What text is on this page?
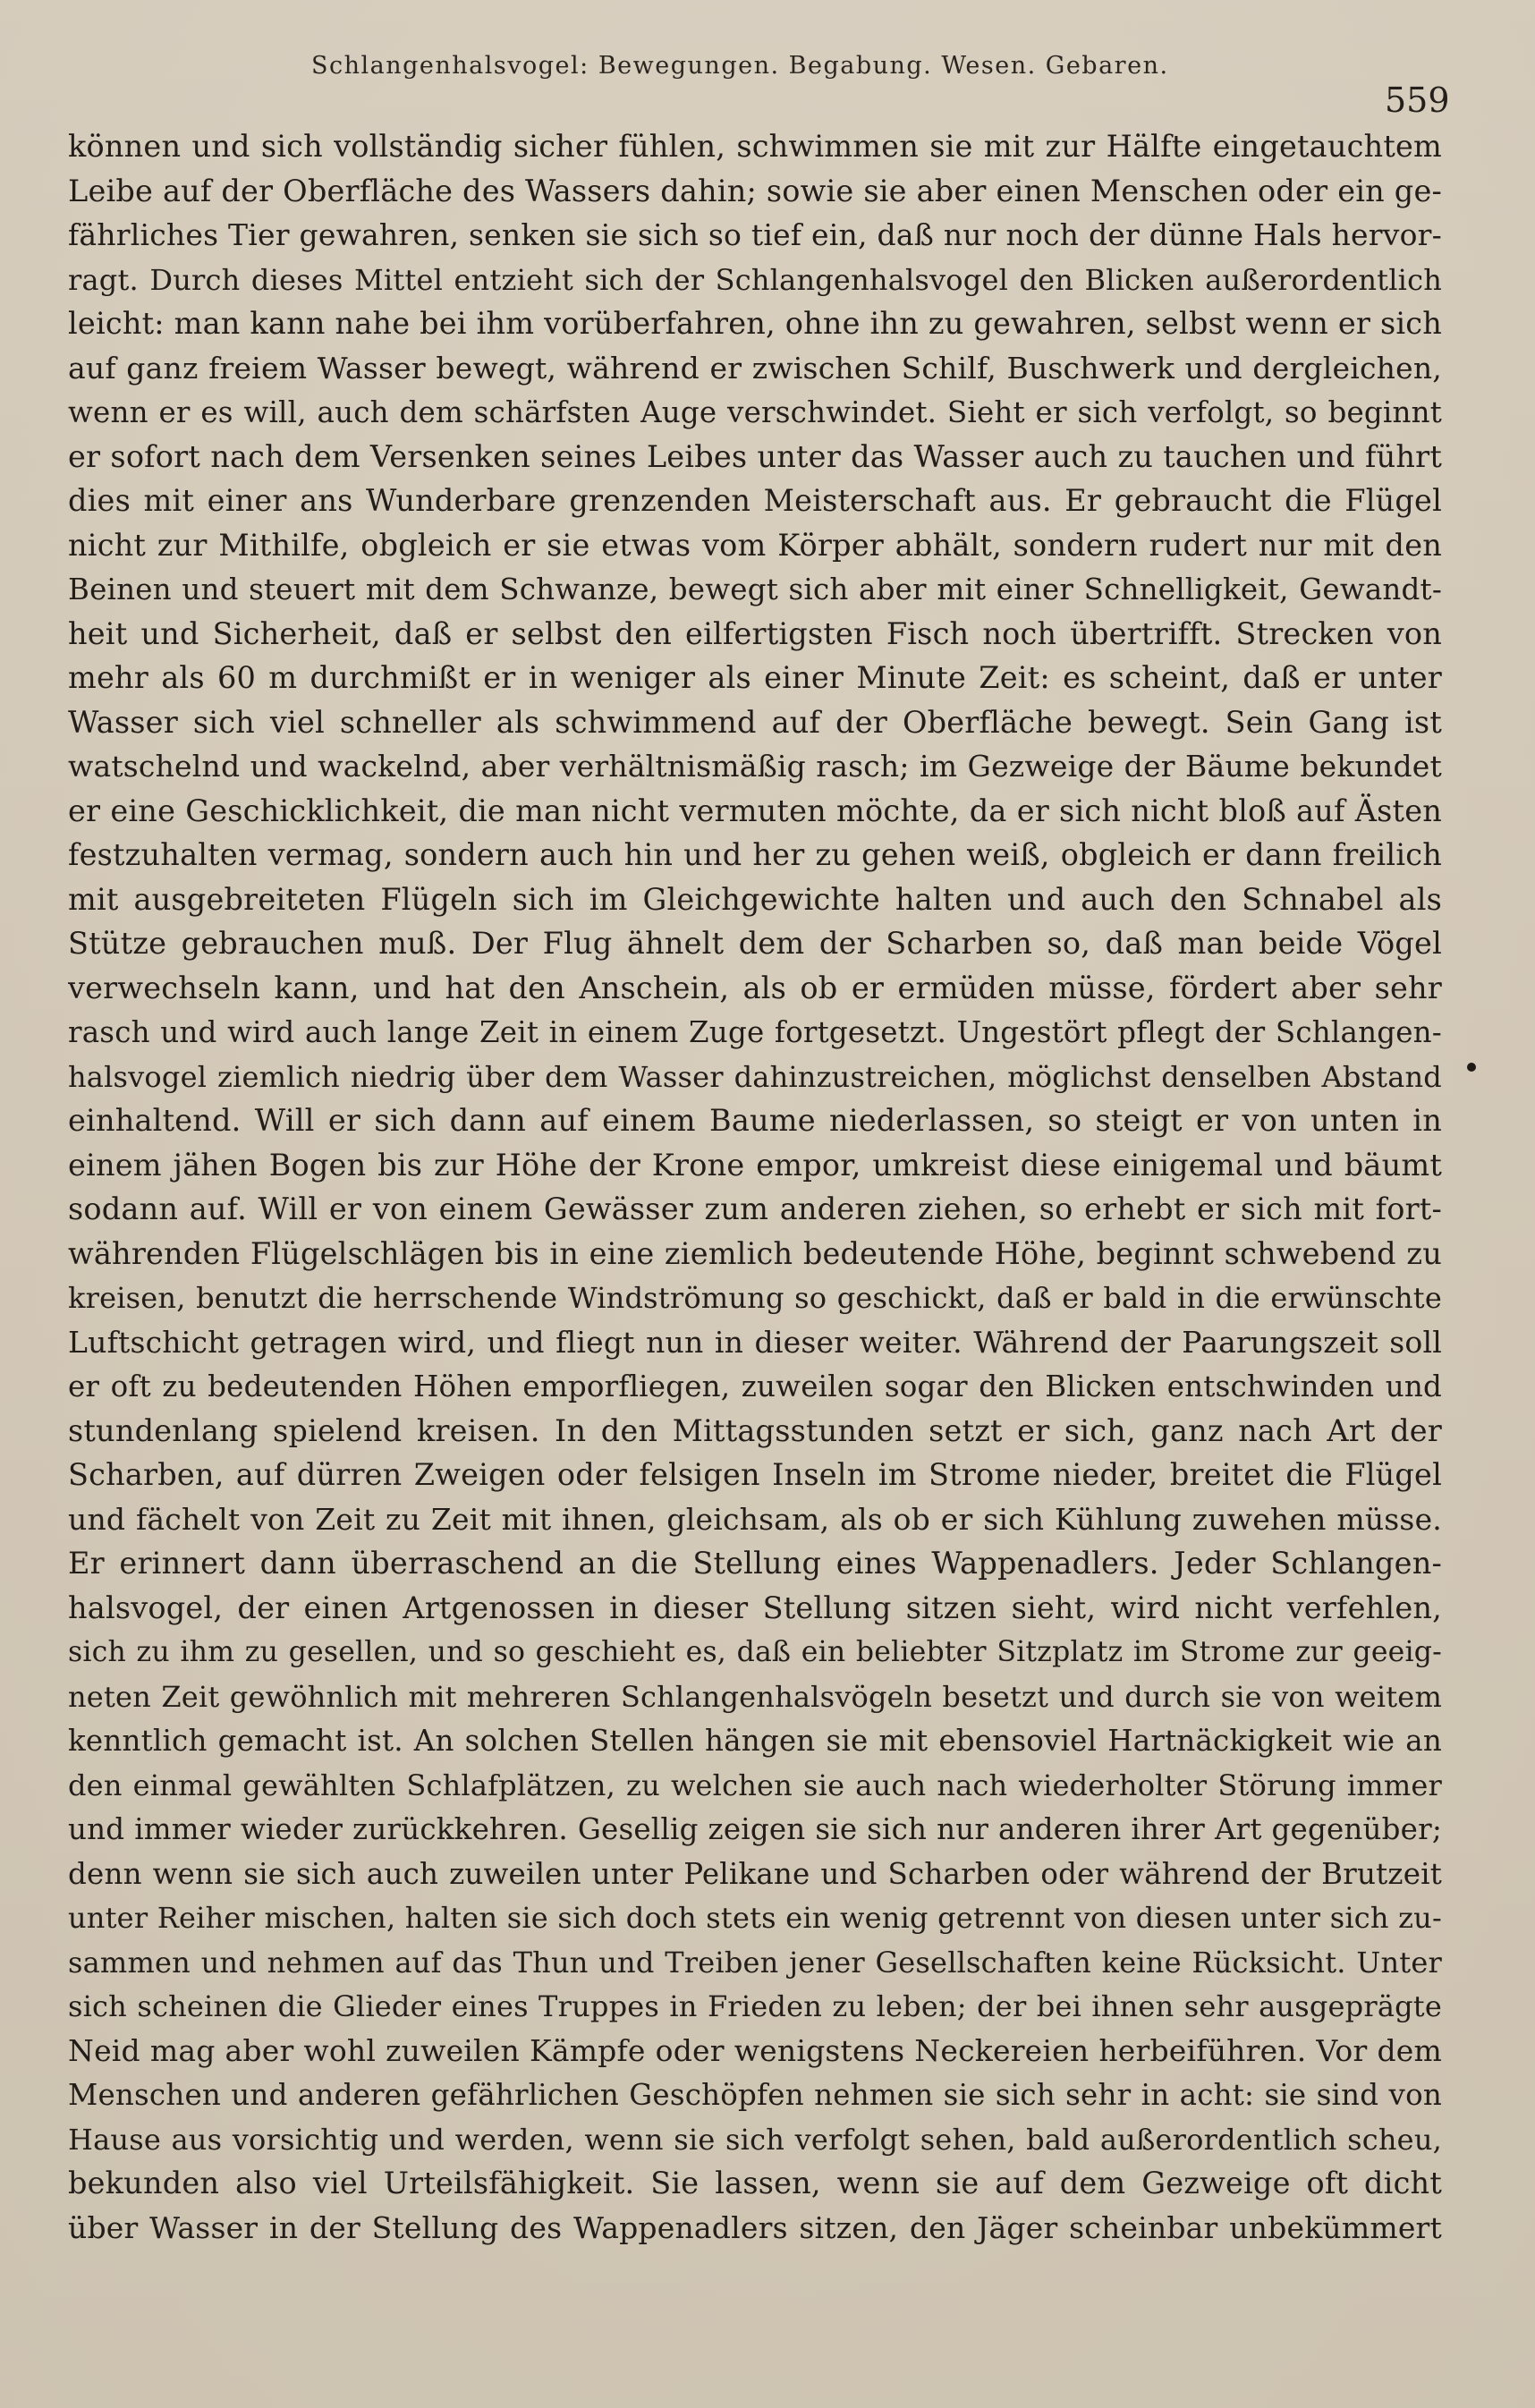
Schlangenhalsvogel: Bewegungen. Begabung. Wesen. Gebaren.
559
können und sich vollständig sicher fühlen, schwimmen sie mit zur Hälfte eingetauchtem
Leibe auf der Oberfläche des Wassers dahin; sowie sie aber einen Menschen oder ein ge-
fährliches Tier gewahren, senken sie sich so tief ein, daß nur noch der dünne Hals hervor-
ragt. Durch dieses Mittel entzieht sich der Schlangenhalsvogel den Blicken außerordentlich
leicht: man kann nahe bei ihm vorüberfahren, ohne ihn zu gewahren, selbst wenn er sich
auf ganz freiem Wasser bewegt, während er zwischen Schilf, Buschwerk und dergleichen,
wenn er es will, auch dem schärfsten Auge verschwindet. Sieht er sich verfolgt, so beginnt
er sofort nach dem Versenken seines Leibes unter das Wasser auch zu tauchen und führt
dies mit einer ans Wunderbare grenzenden Meisterschaft aus. Er gebraucht die Flügel
nicht zur Mithilfe, obgleich er sie etwas vom Körper abhält, sondern rudert nur mit den
Beinen und steuert mit dem Schwanze, bewegt sich aber mit einer Schnelligkeit, Gewandt-
heit und Sicherheit, daß er selbst den eilfertigsten Fisch noch übertrifft. Strecken von
mehr als 60 m durchmißt er in weniger als einer Minute Zeit: es scheint, daß er unter
Wasser sich viel schneller als schwimmend auf der Oberfläche bewegt. Sein Gang ist
watschelnd und wackelnd, aber verhältnismäßig rasch; im Gezweige der Bäume bekundet
er eine Geschicklichkeit, die man nicht vermuten möchte, da er sich nicht bloß auf Ästen
festzuhalten vermag, sondern auch hin und her zu gehen weiß, obgleich er dann freilich
mit ausgebreiteten Flügeln sich im Gleichgewichte halten und auch den Schnabel als
Stütze gebrauchen muß. Der Flug ähnelt dem der Scharben so, daß man beide Vögel
verwechseln kann, und hat den Anschein, als ob er ermüden müsse, fördert aber sehr
rasch und wird auch lange Zeit in einem Zuge fortgesetzt. Ungestört pflegt der Schlangen-
halsvogel ziemlich niedrig über dem Wasser dahinzustreichen, möglichst denselben Abstand
einhaltend. Will er sich dann auf einem Baume niederlassen, so steigt er von unten in
einem jähen Bogen bis zur Höhe der Krone empor, umkreist diese einigemal und bäumt
sodann auf. Will er von einem Gewässer zum anderen ziehen, so erhebt er sich mit fort-
währenden Flügelschlägen bis in eine ziemlich bedeutende Höhe, beginnt schwebend zu
kreisen, benutzt die herrschende Windströmung so geschickt, daß er bald in die erwünschte
Luftschicht getragen wird, und fliegt nun in dieser weiter. Während der Paarungszeit soll
er oft zu bedeutenden Höhen emporfliegen, zuweilen sogar den Blicken entschwinden und
stundenlang spielend kreisen. In den Mittagsstunden setzt er sich, ganz nach Art der
Scharben, auf dürren Zweigen oder felsigen Inseln im Strome nieder, breitet die Flügel
und fächelt von Zeit zu Zeit mit ihnen, gleichsam, als ob er sich Kühlung zuwehen müsse.
Er erinnert dann überraschend an die Stellung eines Wappenadlers. Jeder Schlangen-
halsvogel, der einen Artgenossen in dieser Stellung sitzen sieht, wird nicht verfehlen,
sich zu ihm zu gesellen, und so geschieht es, daß ein beliebter Sitzplatz im Strome zur geeig-
neten Zeit gewöhnlich mit mehreren Schlangenhalsvögeln besetzt und durch sie von weitem
kenntlich gemacht ist. An solchen Stellen hängen sie mit ebensoviel Hartnäckigkeit wie an
den einmal gewählten Schlafplätzen, zu welchen sie auch nach wiederholter Störung immer
und immer wieder zurückkehren. Gesellig zeigen sie sich nur anderen ihrer Art gegenüber;
denn wenn sie sich auch zuweilen unter Pelikane und Scharben oder während der Brutzeit
unter Reiher mischen, halten sie sich doch stets ein wenig getrennt von diesen unter sich zu-
sammen und nehmen auf das Thun und Treiben jener Gesellschaften keine Rücksicht. Unter
sich scheinen die Glieder eines Truppes in Frieden zu leben; der bei ihnen sehr ausgeprägte
Neid mag aber wohl zuweilen Kämpfe oder wenigstens Neckereien herbeiführen. Vor dem
Menschen und anderen gefährlichen Geschöpfen nehmen sie sich sehr in acht: sie sind von
Hause aus vorsichtig und werden, wenn sie sich verfolgt sehen, bald außerordentlich scheu,
bekunden also viel Urteilsfähigkeit. Sie lassen, wenn sie auf dem Gezweige oft dicht
über Wasser in der Stellung des Wappenadlers sitzen, den Jäger scheinbar unbekümmert
